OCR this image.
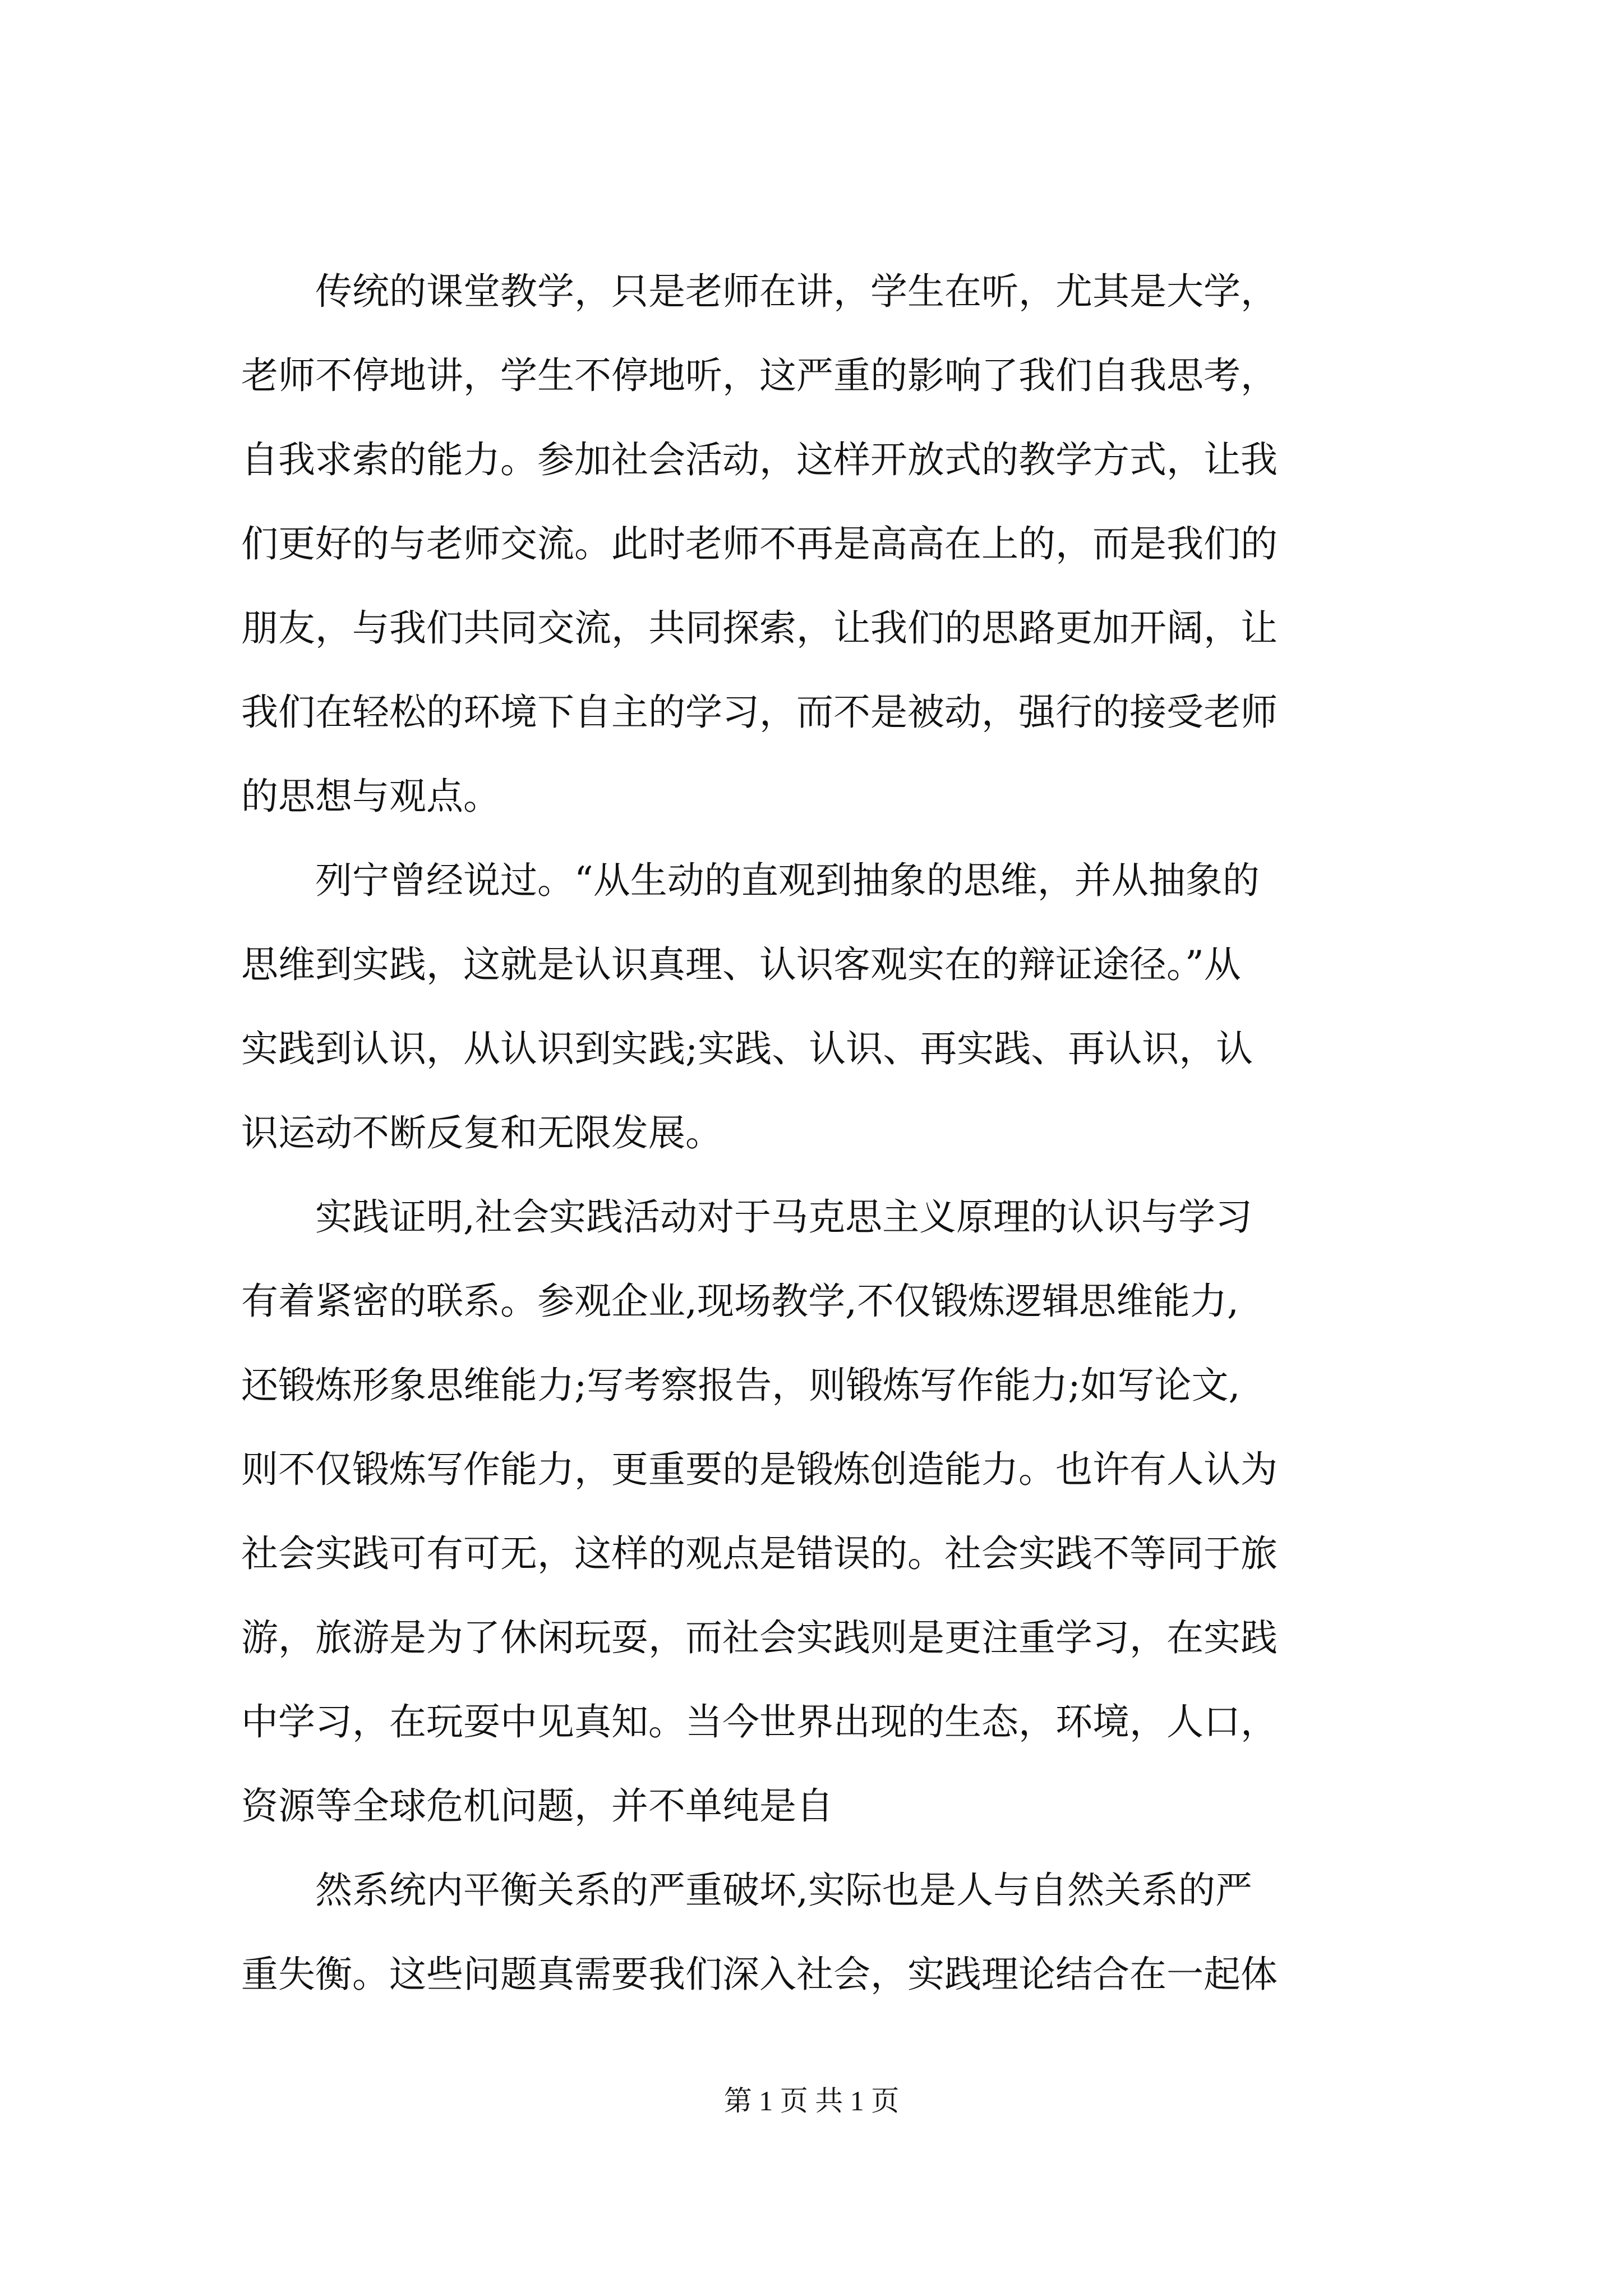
　　传统的课堂教学，只是老师在讲，学生在听，尤其是大学，
老师不停地讲，学生不停地听，这严重的影响了我们自我思考，
自我求索的能力。参加社会活动，这样开放式的教学方式，让我
们更好的与老师交流。此时老师不再是高高在上的，而是我们的
朋友，与我们共同交流，共同探索，让我们的思路更加开阔，让
我们在轻松的环境下自主的学习，而不是被动，强行的接受老师
的思想与观点。
　　列宁曾经说过。“从生动的直观到抽象的思维，并从抽象的
思维到实践，这就是认识真理、认识客观实在的辩证途径。”从
实践到认识，从认识到实践;实践、认识、再实践、再认识，认
识运动不断反复和无限发展。
　　实践证明,社会实践活动对于马克思主义原理的认识与学习
有着紧密的联系。参观企业,现场教学,不仅锻炼逻辑思维能力,
还锻炼形象思维能力;写考察报告，则锻炼写作能力;如写论文,
则不仅锻炼写作能力，更重要的是锻炼创造能力。也许有人认为
社会实践可有可无，这样的观点是错误的。社会实践不等同于旅
游，旅游是为了休闲玩耍，而社会实践则是更注重学习，在实践
中学习，在玩耍中见真知。当今世界出现的生态，环境，人口，
资源等全球危机问题，并不单纯是自
　　然系统内平衡关系的严重破坏,实际也是人与自然关系的严
重失衡。这些问题真需要我们深入社会，实践理论结合在一起体
第 1 页 共 1 页
